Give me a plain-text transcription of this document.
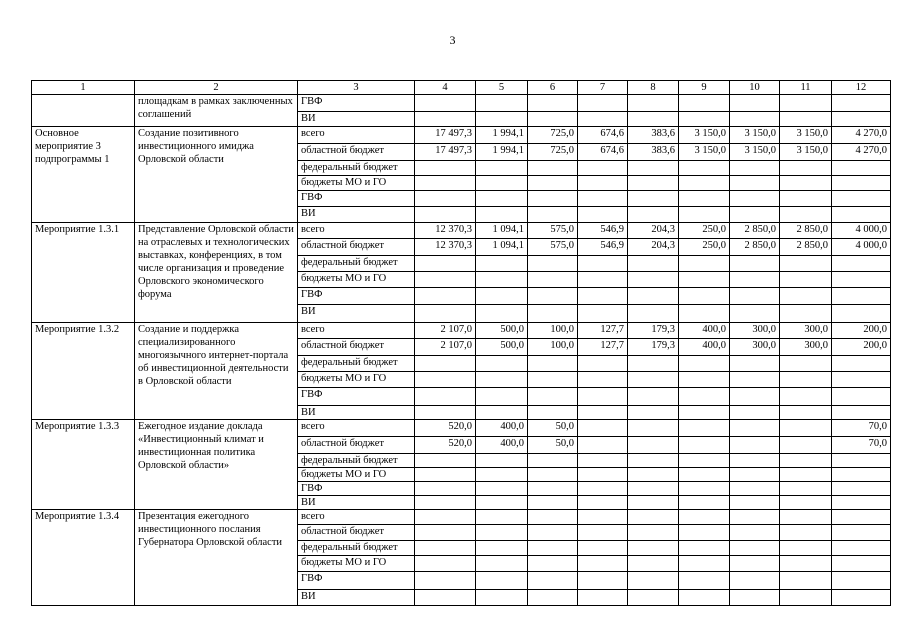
3
1	2	3	4	5	6	7	8	9	10	11	12
	площадкам в рамках заключенных соглашений	ГВФ									
		ВИ									
Основное мероприятие 3 подпрограммы 1	Создание позитивного инвестиционного имиджа Орловской области	всего	17 497,3	1 994,1	725,0	674,6	383,6	3 150,0	3 150,0	3 150,0	4 270,0
		областной бюджет	17 497,3	1 994,1	725,0	674,6	383,6	3 150,0	3 150,0	3 150,0	4 270,0
		федеральный бюджет									
		бюджеты МО и ГО									
		ГВФ									
		ВИ									
Мероприятие 1.3.1	Представление Орловской области на отраслевых и технологических выставках, конференциях, в том числе организация и проведение Орловского экономического форума	всего	12 370,3	1 094,1	575,0	546,9	204,3	250,0	2 850,0	2 850,0	4 000,0
		областной бюджет	12 370,3	1 094,1	575,0	546,9	204,3	250,0	2 850,0	2 850,0	4 000,0
		федеральный бюджет									
		бюджеты МО и ГО									
		ГВФ									
		ВИ									
Мероприятие 1.3.2	Создание и поддержка специализированного многоязычного интернет-портала об инвестиционной деятельности в Орловской области	всего	2 107,0	500,0	100,0	127,7	179,3	400,0	300,0	300,0	200,0
		областной бюджет	2 107,0	500,0	100,0	127,7	179,3	400,0	300,0	300,0	200,0
		федеральный бюджет									
		бюджеты МО и ГО									
		ГВФ									
		ВИ									
Мероприятие 1.3.3	Ежегодное издание доклада «Инвестиционный климат и инвестиционная политика Орловской области»	всего	520,0	400,0	50,0						70,0
		областной бюджет	520,0	400,0	50,0						70,0
		федеральный бюджет									
		бюджеты МО и ГО									
		ГВФ									
		ВИ									
Мероприятие 1.3.4	Презентация ежегодного инвестиционного послания Губернатора Орловской области	всего									
		областной бюджет									
		федеральный бюджет									
		бюджеты МО и ГО									
		ГВФ									
		ВИ									
